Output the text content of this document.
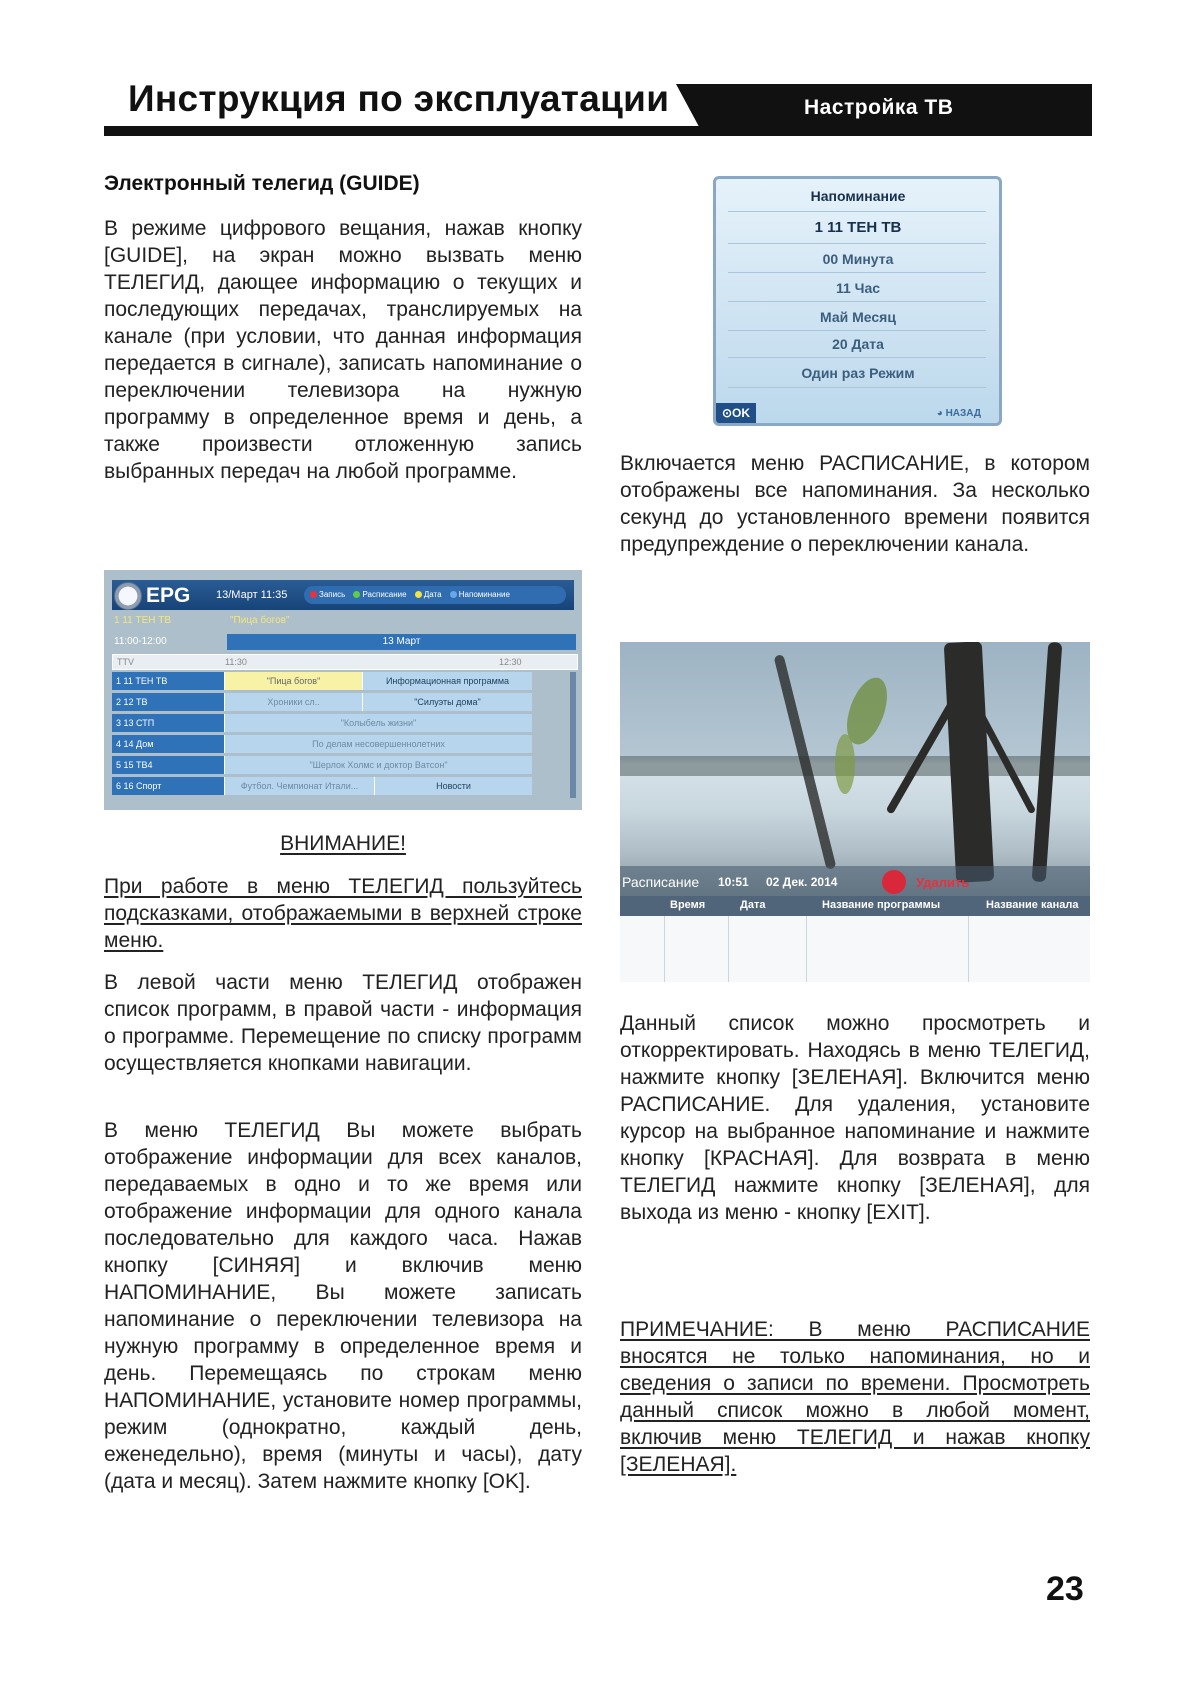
Инструкция по эксплуатации	Настройка ТВ
Электронный телегид (GUIDE)
В режиме цифрового вещания, нажав кнопку [GUIDE], на экран можно вызвать меню ТЕЛЕГИД, дающее информацию о текущих и последующих передачах, транслируемых на канале (при условии, что данная информация передается в сигнале), записать напоминание о переключении телевизора на нужную программу в определенное время и день, а также произвести отложенную запись выбранных передач на любой программе.
EPG 13/Март 11:35	Запись Расписание Дата Напоминание
1 11 ТЕН ТВ	"Пица богов"
11:00-12:00	13 Март
TTV	11:30	12:30
1 11 ТЕН ТВ	"Пица богов"	Информационная программа
2 12 ТВ	Хроники сл..	"Силуэты дома"
3 13 СТП	"Колыбель жизни"
4 14 Дом	По делам несовершеннолетних
5 15 ТВ4	"Шерлок Холмс и доктор Ватсон"
6 16 Спорт	Футбол. Чемпионат Итали...	Новости
ВНИМАНИЕ!
При работе в меню ТЕЛЕГИД пользуйтесь подсказками, отображаемыми в верхней строке меню.
В левой части меню ТЕЛЕГИД отображен список программ, в правой части - информация о программе. Перемещение по списку программ осуществляется кнопками навигации.
В меню ТЕЛЕГИД Вы можете выбрать отображение информации для всех каналов, передаваемых в одно и то же время или отображение информации для одного канала последовательно для каждого часа. Нажав кнопку [СИНЯЯ] и включив меню НАПОМИНАНИЕ, Вы можете записать напоминание о переключении телевизора на нужную программу в определенное время и день. Перемещаясь по строкам меню НАПОМИНАНИЕ, установите номер программы, режим (однократно, каждый день, еженедельно), время (минуты и часы), дату (дата и месяц). Затем нажмите кнопку [OK].
Напоминание
1 11 ТЕН ТВ
00 Минута
11 Час
Май Месяц
20 Дата
Один раз Режим
⊙OK	◕ НАЗАД
Включается меню РАСПИСАНИЕ, в котором отображены все напоминания. За несколько секунд до установленного времени появится предупреждение о переключении канала.
Расписание 10:51 02 Дек. 2014	Удалить
Время	Дата	Название программы	Название канала
Данный список можно просмотреть и откорректировать. Находясь в меню ТЕЛЕГИД, нажмите кнопку [ЗЕЛЕНАЯ]. Включится меню РАСПИСАНИЕ. Для удаления, установите курсор на выбранное напоминание и нажмите кнопку [КРАСНАЯ]. Для возврата в меню ТЕЛЕГИД нажмите кнопку [ЗЕЛЕНАЯ], для выхода из меню - кнопку [EXIT].
ПРИМЕЧАНИЕ: В меню РАСПИСАНИЕ вносятся не только напоминания, но и сведения о записи по времени. Просмотреть данный список можно в любой момент, включив меню ТЕЛЕГИД и нажав кнопку [ЗЕЛЕНАЯ].
23
